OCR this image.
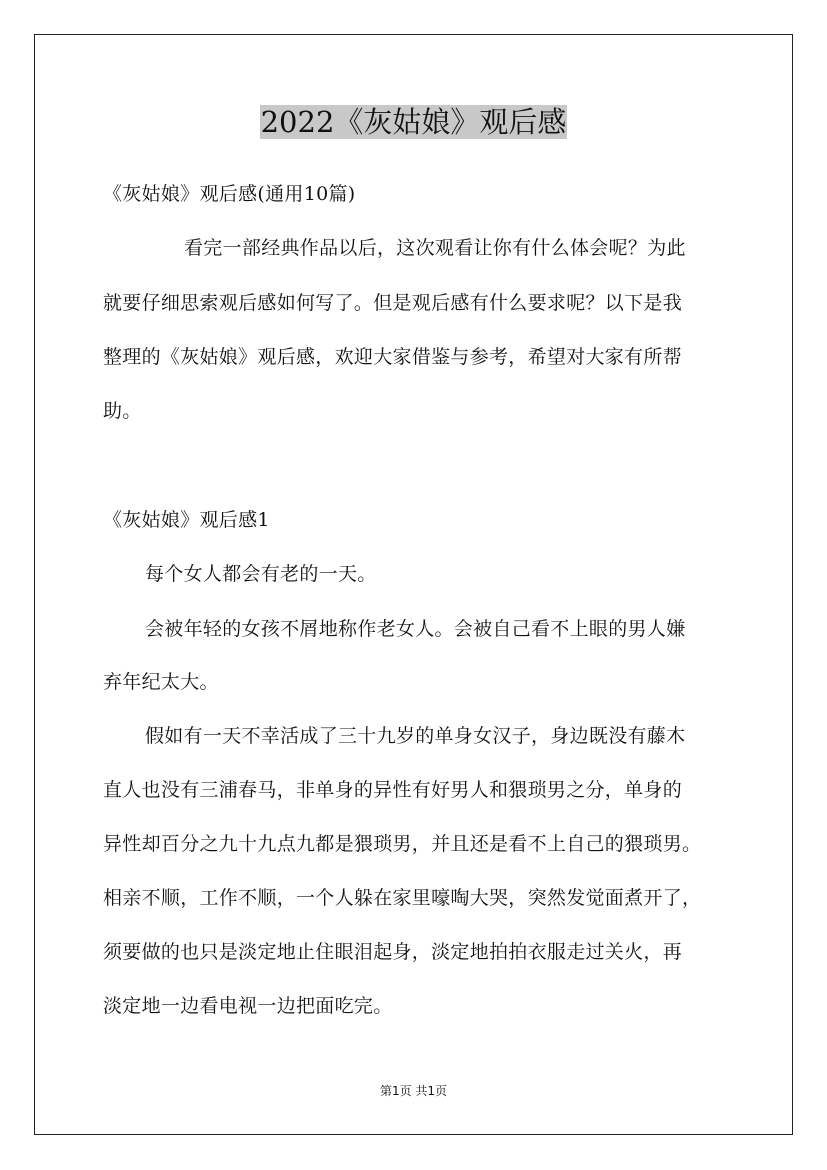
2022《灰姑娘》观后感
《灰姑娘》观后感(通用10篇)
看完一部经典作品以后，这次观看让你有什么体会呢？为此
就要仔细思索观后感如何写了。但是观后感有什么要求呢？以下是我
整理的《灰姑娘》观后感，欢迎大家借鉴与参考，希望对大家有所帮
助。
《灰姑娘》观后感1
每个女人都会有老的一天。
会被年轻的女孩不屑地称作老女人。会被自己看不上眼的男人嫌
弃年纪太大。
假如有一天不幸活成了三十九岁的单身女汉子，身边既没有藤木
直人也没有三浦春马，非单身的异性有好男人和猥琐男之分，单身的
异性却百分之九十九点九都是猥琐男，并且还是看不上自己的猥琐男。
相亲不顺，工作不顺，一个人躲在家里嚎啕大哭，突然发觉面煮开了，
须要做的也只是淡定地止住眼泪起身，淡定地拍拍衣服走过关火，再
淡定地一边看电视一边把面吃完。
第1页 共1页
